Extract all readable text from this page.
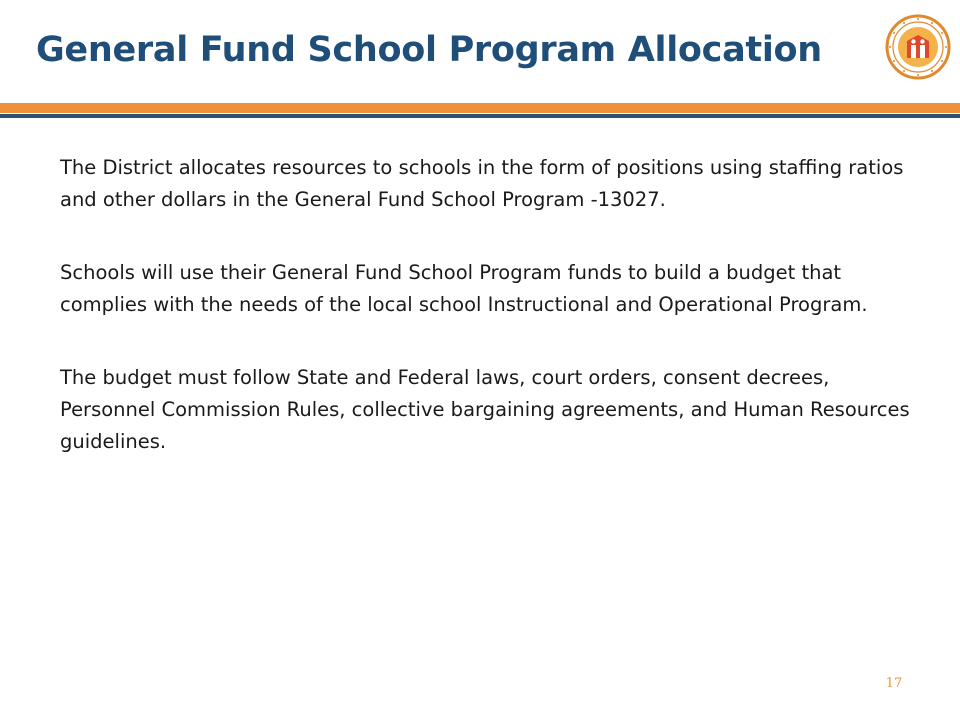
General Fund School Program Allocation

The District allocates resources to schools in the form of positions using staffing ratios and other dollars in the General Fund School Program -13027.

Schools will use their General Fund School Program funds to build a budget that complies with the needs of the local school Instructional and Operational Program.

The budget must follow State and Federal laws, court orders, consent decrees, Personnel Commission Rules, collective bargaining agreements, and Human Resources guidelines.

17
